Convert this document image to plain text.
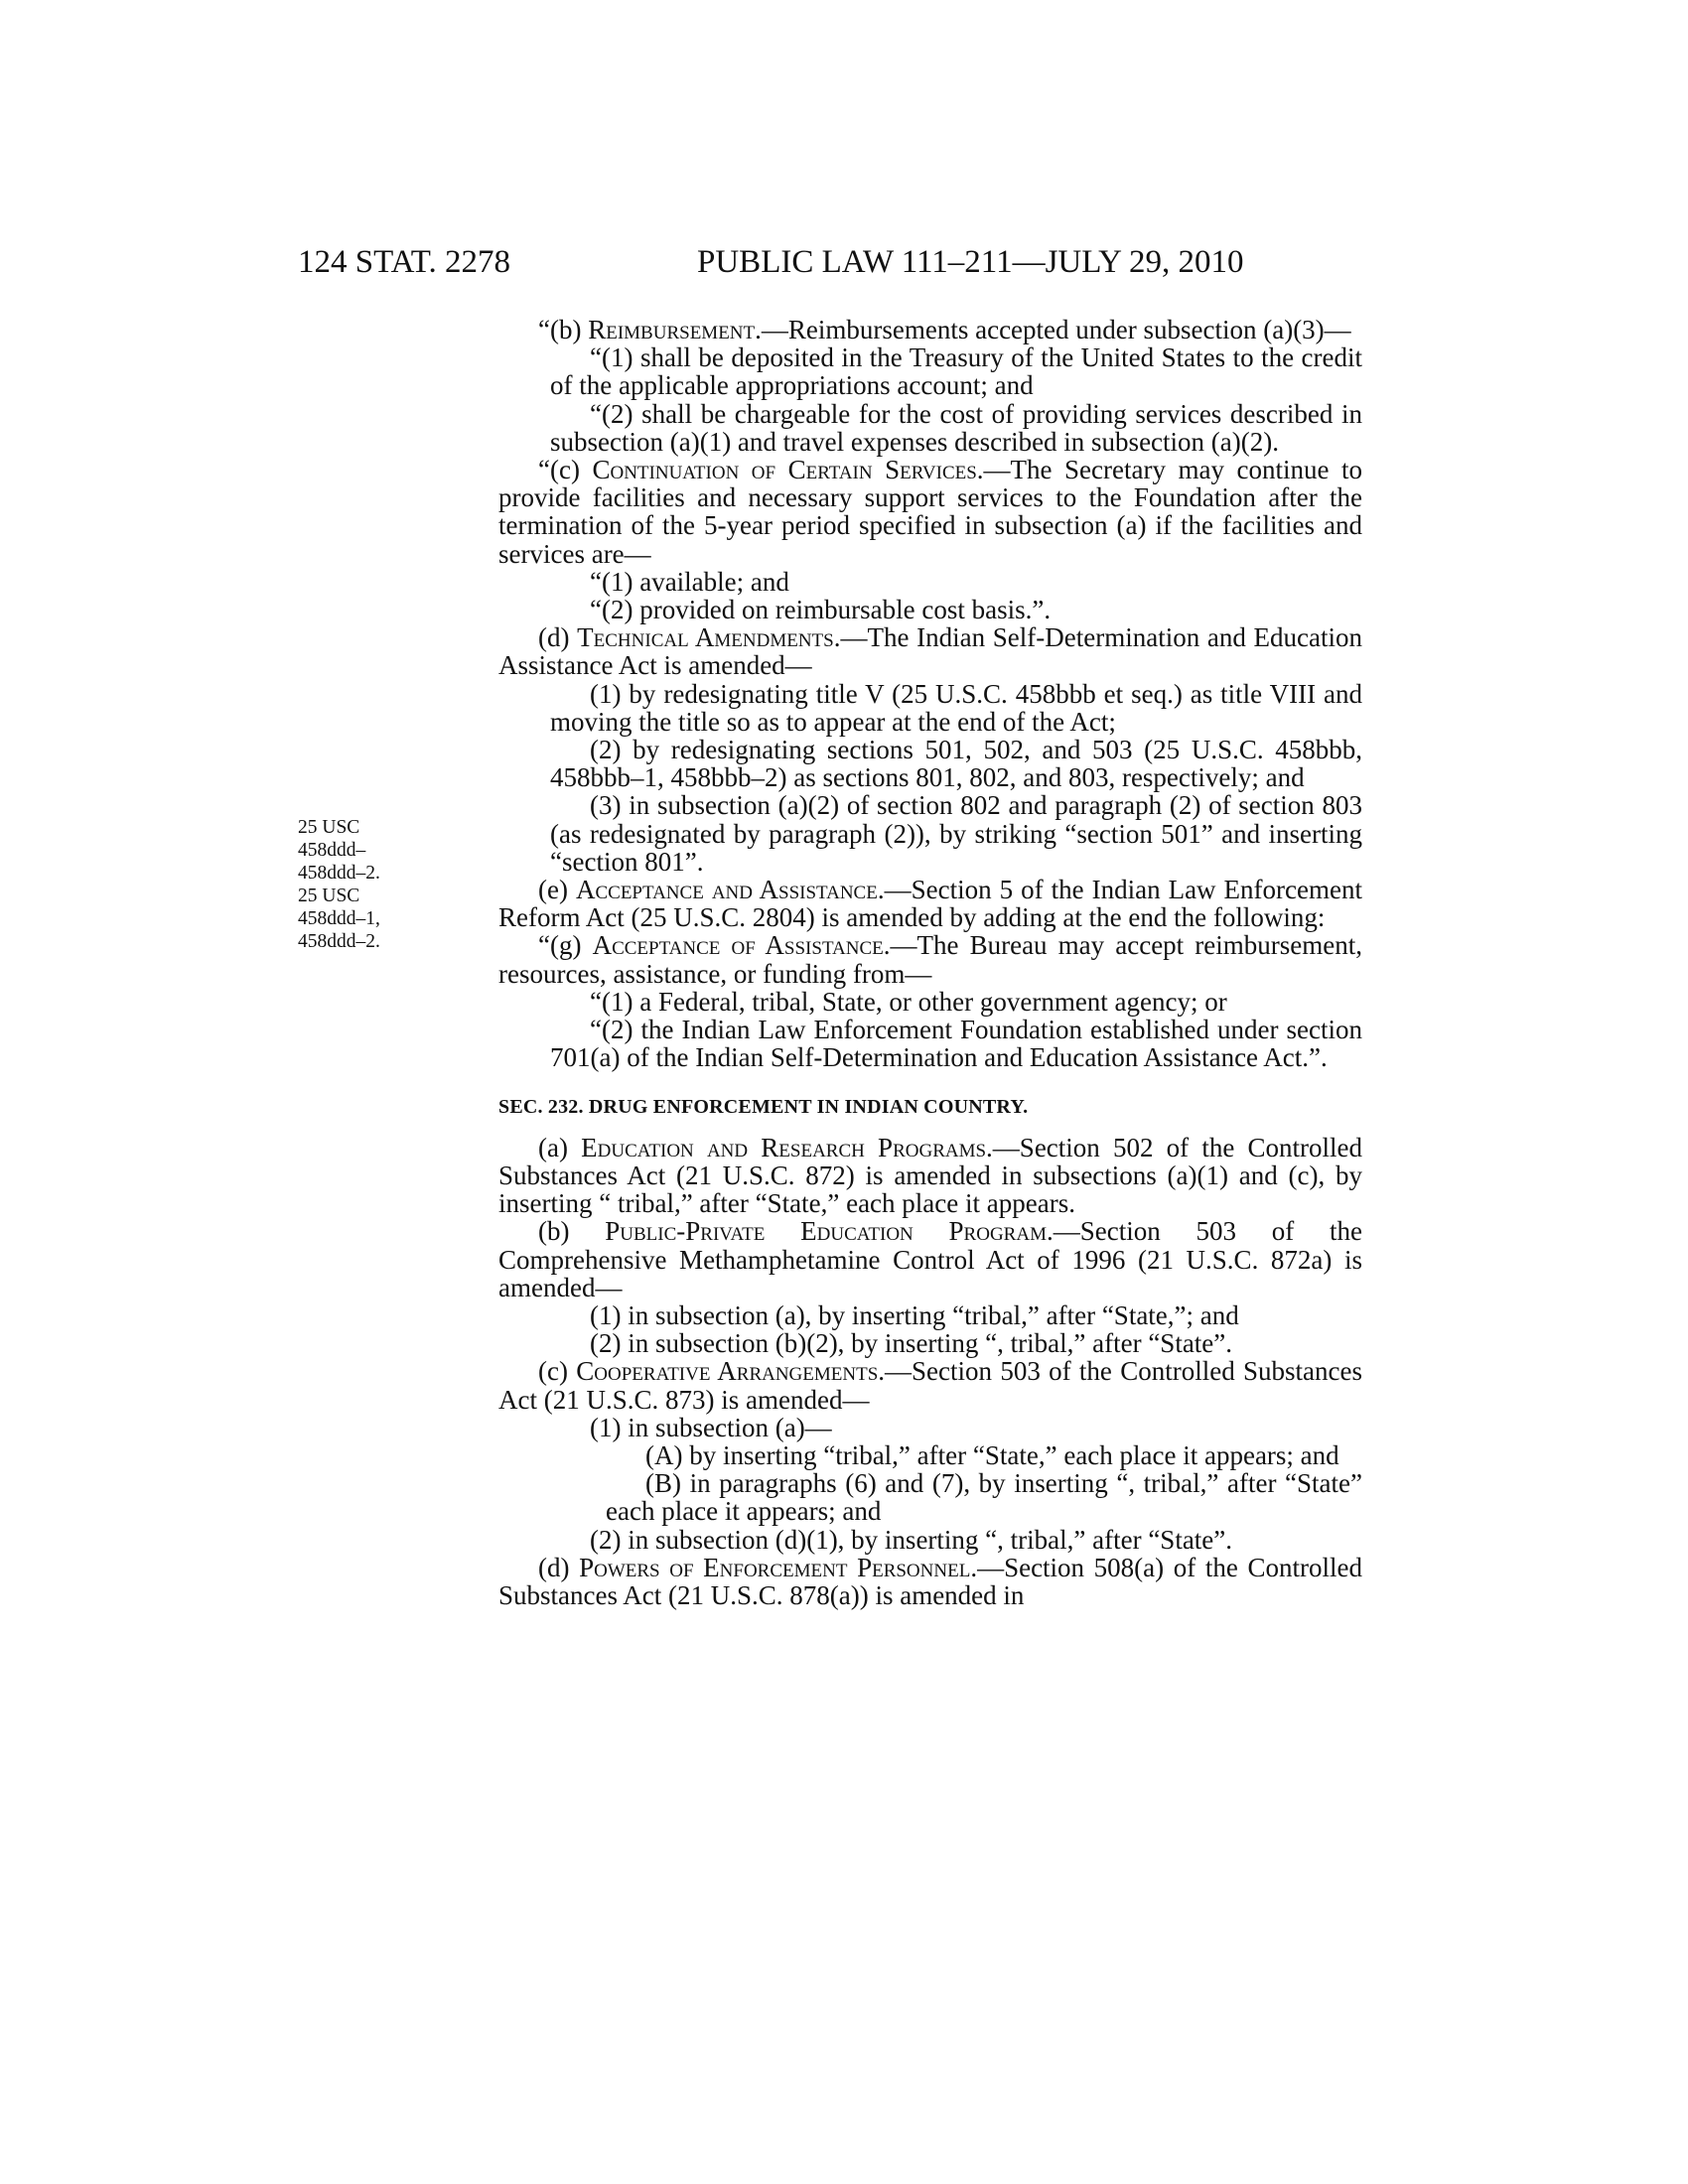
124 STAT. 2278	PUBLIC LAW 111–211—JULY 29, 2010
25 USC
458ddd–
458ddd–2.
25 USC
458ddd–1,
458ddd–2.

“(b) Reimbursement.—Reimbursements accepted under subsection (a)(3)—

“(1) shall be deposited in the Treasury of the United States to the credit of the applicable appropriations account; and

“(2) shall be chargeable for the cost of providing services described in subsection (a)(1) and travel expenses described in subsection (a)(2).

“(c) Continuation of Certain Services.—The Secretary may continue to provide facilities and necessary support services to the Foundation after the termination of the 5-year period specified in subsection (a) if the facilities and services are—

“(1) available; and

“(2) provided on reimbursable cost basis.”.

(d) Technical Amendments.—The Indian Self-Determination and Education Assistance Act is amended—

(1) by redesignating title V (25 U.S.C. 458bbb et seq.) as title VIII and moving the title so as to appear at the end of the Act;

(2) by redesignating sections 501, 502, and 503 (25 U.S.C. 458bbb, 458bbb–1, 458bbb–2) as sections 801, 802, and 803, respectively; and

(3) in subsection (a)(2) of section 802 and paragraph (2) of section 803 (as redesignated by paragraph (2)), by striking “section 501” and inserting “section 801”.

(e) Acceptance and Assistance.—Section 5 of the Indian Law Enforcement Reform Act (25 U.S.C. 2804) is amended by adding at the end the following:

“(g) Acceptance of Assistance.—The Bureau may accept reimbursement, resources, assistance, or funding from—

“(1) a Federal, tribal, State, or other government agency; or

“(2) the Indian Law Enforcement Foundation established under section 701(a) of the Indian Self-Determination and Education Assistance Act.”.

SEC. 232. DRUG ENFORCEMENT IN INDIAN COUNTRY.

(a) Education and Research Programs.—Section 502 of the Controlled Substances Act (21 U.S.C. 872) is amended in subsections (a)(1) and (c), by inserting “ tribal,” after “State,” each place it appears.

(b) Public-Private Education Program.—Section 503 of the Comprehensive Methamphetamine Control Act of 1996 (21 U.S.C. 872a) is amended—

(1) in subsection (a), by inserting “tribal,” after “State,”; and

(2) in subsection (b)(2), by inserting “, tribal,” after “State”.

(c) Cooperative Arrangements.—Section 503 of the Controlled Substances Act (21 U.S.C. 873) is amended—

(1) in subsection (a)—

(A) by inserting “tribal,” after “State,” each place it appears; and

(B) in paragraphs (6) and (7), by inserting “, tribal,” after “State” each place it appears; and

(2) in subsection (d)(1), by inserting “, tribal,” after “State”.

(d) Powers of Enforcement Personnel.—Section 508(a) of the Controlled Substances Act (21 U.S.C. 878(a)) is amended in
